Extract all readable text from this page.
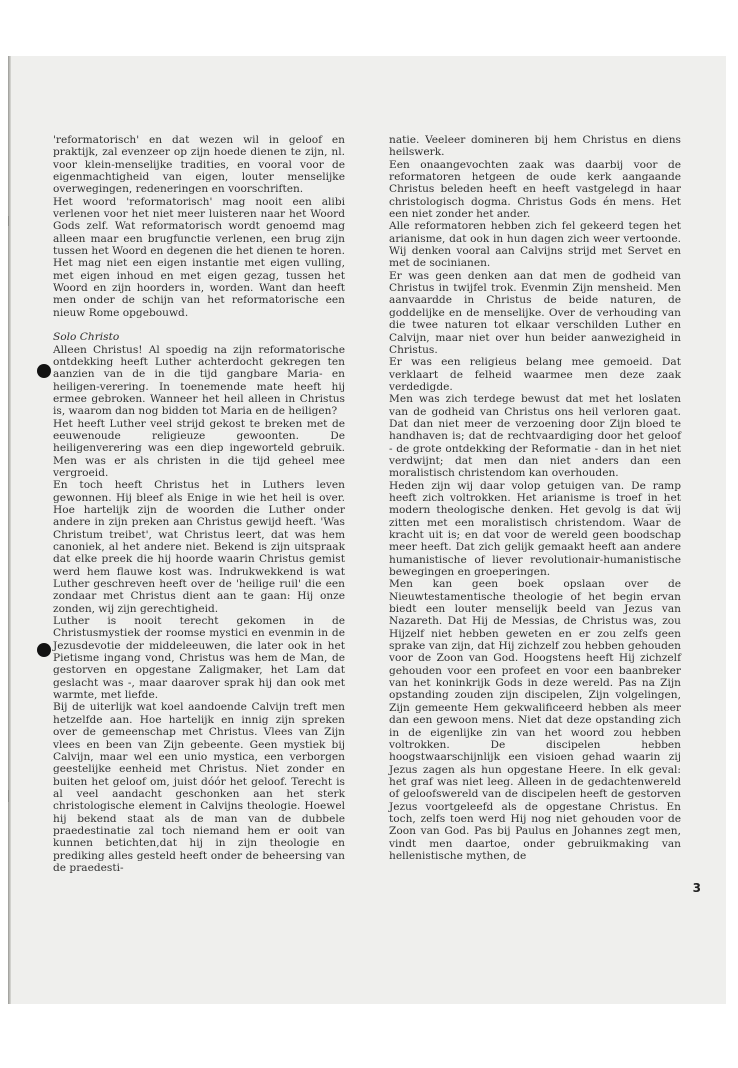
'reformatorisch' en dat wezen wil in geloof en praktijk, zal evenzeer op zijn hoede dienen te zijn, nl. voor klein-menselijke tradities, en vooral voor de eigenmachtigheid van eigen, louter menselijke overwegingen, redeneringen en voorschriften.

Het woord 'reformatorisch' mag nooit een alibi verlenen voor het niet meer luisteren naar het Woord Gods zelf. Wat reformatorisch wordt genoemd mag alleen maar een brugfunctie verlenen, een brug zijn tussen het Woord en degenen die het dienen te horen. Het mag niet een eigen instantie met eigen vulling, met eigen inhoud en met eigen gezag, tussen het Woord en zijn hoorders in, worden. Want dan heeft men onder de schijn van het reformatorische een nieuw Rome opgebouwd.

Solo Christo

Alleen Christus! Al spoedig na zijn reformatorische ontdekking heeft Luther achterdocht gekregen ten aanzien van de in die tijd gangbare Maria- en heiligen-verering. In toenemende mate heeft hij ermee gebroken. Wanneer het heil alleen in Christus is, waarom dan nog bidden tot Maria en de heiligen?

Het heeft Luther veel strijd gekost te breken met de eeuwenoude religieuze gewoonten. De heiligenverering was een diep ingeworteld gebruik. Men was er als christen in die tijd geheel mee vergroeid.

En toch heeft Christus het in Luthers leven gewonnen. Hij bleef als Enige in wie het heil is over. Hoe hartelijk zijn de woorden die Luther onder andere in zijn preken aan Christus gewijd heeft. 'Was Christum treibet', wat Christus leert, dat was hem canoniek, al het andere niet. Bekend is zijn uitspraak dat elke preek die hij hoorde waarin Christus gemist werd hem flauwe kost was. Indrukwekkend is wat Luther geschreven heeft over de 'heilige ruil' die een zondaar met Christus dient aan te gaan: Hij onze zonden, wij zijn gerechtigheid.

Luther is nooit terecht gekomen in de Christusmystiek der roomse mystici en evenmin in de Jezusdevotie der middeleeuwen, die later ook in het Pietisme ingang vond, Christus was hem de Man, de gestorven en opgestane Zaligmaker, het Lam dat geslacht was -, maar daarover sprak hij dan ook met warmte, met liefde.

Bij de uiterlijk wat koel aandoende Calvijn treft men hetzelfde aan. Hoe hartelijk en innig zijn spreken over de gemeenschap met Christus. Vlees van Zijn vlees en been van Zijn gebeente. Geen mystiek bij Calvijn, maar wel een unio mystica, een verborgen geestelijke eenheid met Christus. Niet zonder en buiten het geloof om, juist dóór het geloof. Terecht is al veel aandacht geschonken aan het sterk christologische element in Calvijns theologie. Hoewel hij bekend staat als de man van de dubbele praedestinatie zal toch niemand hem er ooit van kunnen betichten,dat hij in zijn theologie en prediking alles gesteld heeft onder de beheersing van de praedesti-

natie. Veeleer domineren bij hem Christus en diens heilswerk.

Een onaangevochten zaak was daarbij voor de reformatoren hetgeen de oude kerk aangaande Christus beleden heeft en heeft vastgelegd in haar christologisch dogma. Christus Gods én mens. Het een niet zonder het ander.

Alle reformatoren hebben zich fel gekeerd tegen het arianisme, dat ook in hun dagen zich weer vertoonde. Wij denken vooral aan Calvijns strijd met Servet en met de socinianen.

Er was geen denken aan dat men de godheid van Christus in twijfel trok. Evenmin Zijn mensheid. Men aanvaardde in Christus de beide naturen, de goddelijke en de menselijke. Over de verhouding van die twee naturen tot elkaar verschilden Luther en Calvijn, maar niet over hun beider aanwezigheid in Christus.

Er was een religieus belang mee gemoeid. Dat verklaart de felheid waarmee men deze zaak verdedigde.

Men was zich terdege bewust dat met het loslaten van de godheid van Christus ons heil verloren gaat. Dat dan niet meer de verzoening door Zijn bloed te handhaven is; dat de rechtvaardiging door het geloof - de grote ontdekking der Reformatie - dan in het niet verdwijnt; dat men dan niet anders dan een moralistisch christendom kan overhouden.

Heden zijn wij daar volop getuigen van. De ramp heeft zich voltrokken. Het arianisme is troef in het modern theologische denken. Het gevolg is dat wij zitten met een moralistisch christendom. Waar de kracht uit is; en dat voor de wereld geen boodschap meer heeft. Dat zich gelijk gemaakt heeft aan andere humanistische of liever revolutionair-humanistische bewegingen en groeperingen.

Men kan geen boek opslaan over de Nieuwtestamentische theologie of het begin ervan biedt een louter menselijk beeld van Jezus van Nazareth. Dat Hij de Messias, de Christus was, zou Hijzelf niet hebben geweten en er zou zelfs geen sprake van zijn, dat Hij zichzelf zou hebben gehouden voor de Zoon van God. Hoogstens heeft Hij zichzelf gehouden voor een profeet en voor een baanbreker van het koninkrijk Gods in deze wereld. Pas na Zijn opstanding zouden zijn discipelen, Zijn volgelingen, Zijn gemeente Hem gekwalificeerd hebben als meer dan een gewoon mens. Niet dat deze opstanding zich in de eigenlijke zin van het woord zou hebben voltrokken. De discipelen hebben hoogstwaarschijnlijk een visioen gehad waarin zij Jezus zagen als hun opgestane Heere. In elk geval: het graf was niet leeg. Alleen in de gedachtenwereld of geloofswereld van de discipelen heeft de gestorven Jezus voortgeleefd als de opgestane Christus. En toch, zelfs toen werd Hij nog niet gehouden voor de Zoon van God. Pas bij Paulus en Johannes zegt men, vindt men daartoe, onder gebruikmaking van hellenistische mythen, de

3
